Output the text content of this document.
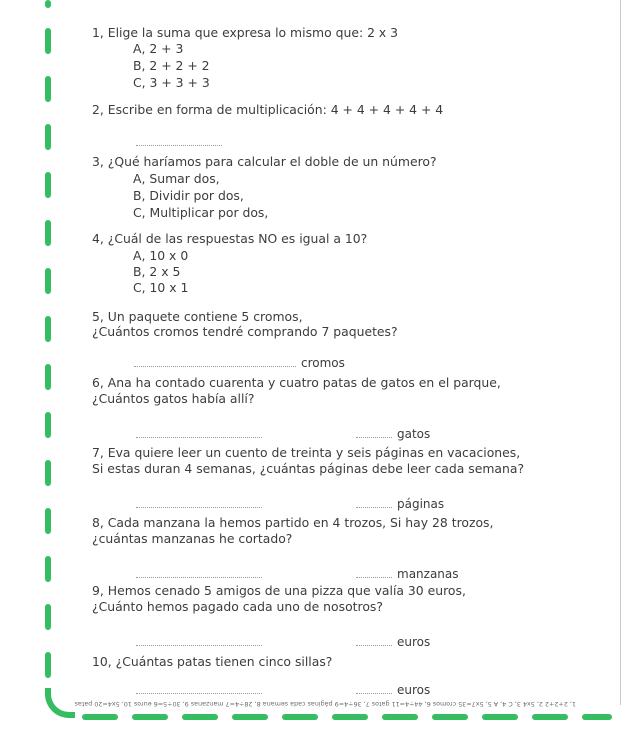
1, Elige la suma que expresa lo mismo que: 2 x 3
A, 2 + 3
B, 2 + 2 + 2
C, 3 + 3 + 3
2, Escribe en forma de multiplicación: 4 + 4 + 4 + 4 + 4
3, ¿Qué haríamos para calcular el doble de un número?
A, Sumar dos,
B, Dividir por dos,
C, Multiplicar por dos,
4, ¿Cuál de las respuestas NO es igual a 10?
A, 10 x 0
B, 2 x 5
C, 10 x 1
5, Un paquete contiene 5 cromos,
¿Cuántos cromos tendré comprando 7 paquetes?
cromos
6, Ana ha contado cuarenta y cuatro patas de gatos en el parque,
¿Cuántos gatos había allí?
gatos
7, Eva quiere leer un cuento de treinta y seis páginas en vacaciones,
Si estas duran 4 semanas, ¿cuántas páginas debe leer cada semana?
páginas
8, Cada manzana la hemos partido en 4 trozos, Si hay 28 trozos,
¿cuántas manzanas he cortado?
manzanas
9, Hemos cenado 5 amigos de una pizza que valía 30 euros,
¿Cuánto hemos pagado cada uno de nosotros?
euros
10, ¿Cuántas patas tienen cinco sillas?
euros
1, 2+2+2 2, 5x4 3, C 4, A 5, 5x7=35 cromos 6, 44÷4=11 gatos 7, 36÷4=9 páginas cada semana 8, 28÷4=7 manzanas 9, 30÷5=6 euros 10, 5x4=20 patas
